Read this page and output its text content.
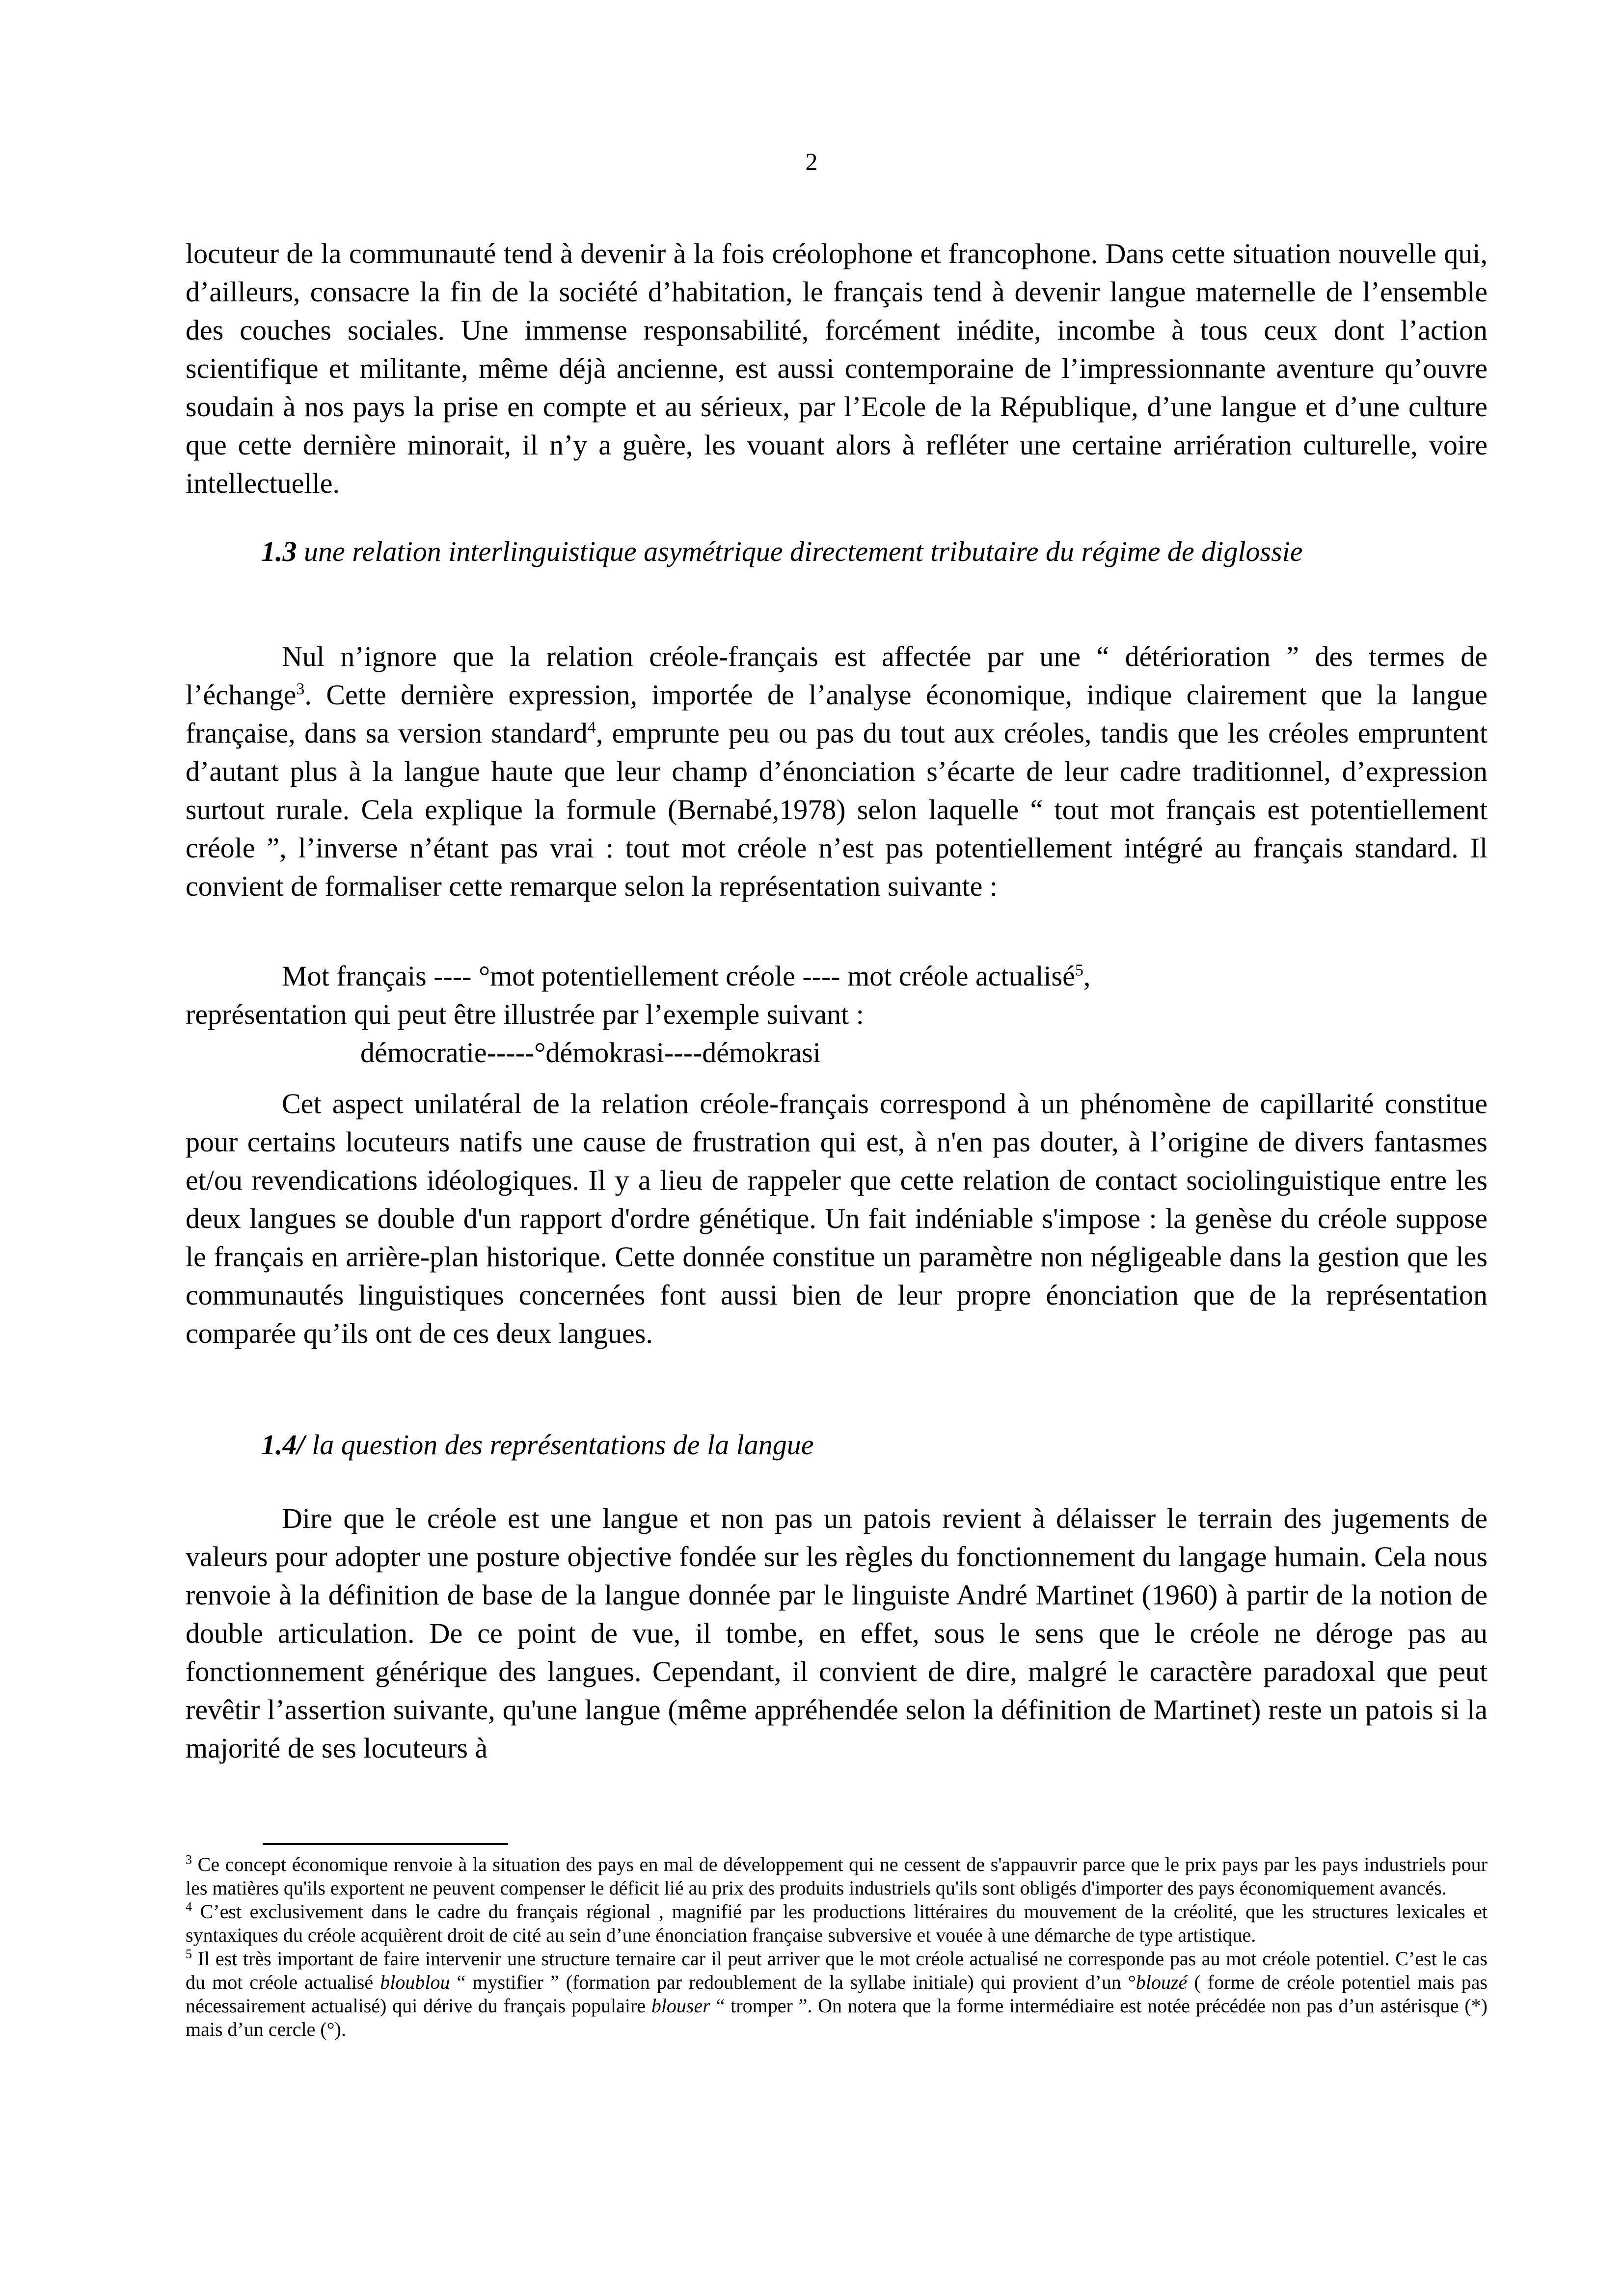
2

locuteur de la communauté tend à devenir à la fois créolophone et francophone. Dans cette situation nouvelle qui, d’ailleurs, consacre la fin de la société d’habitation, le français tend à devenir langue maternelle de l’ensemble des couches sociales. Une immense responsabilité, forcément inédite, incombe à tous ceux dont l’action scientifique et militante, même déjà ancienne, est aussi contemporaine de l’impressionnante aventure qu’ouvre soudain à nos pays la prise en compte et au sérieux, par l’Ecole de la République, d’une langue et d’une culture que cette dernière minorait, il n’y a guère, les vouant alors à refléter une certaine arriération culturelle, voire intellectuelle.

1.3 une relation interlinguistique asymétrique directement tributaire du régime de diglossie

Nul n’ignore que la relation créole-français est affectée par une “ détérioration ” des termes de l’échange$^3$. Cette dernière expression, importée de l’analyse économique, indique clairement que la langue française, dans sa version standard$^4$, emprunte peu ou pas du tout aux créoles, tandis que les créoles empruntent d’autant plus à la langue haute que leur champ d’énonciation s’écarte de leur cadre traditionnel, d’expression surtout rurale. Cela explique la formule (Bernabé,1978) selon laquelle “ tout mot français est potentiellement créole ”, l’inverse n’étant pas vrai : tout mot créole n’est pas potentiellement intégré au français standard. Il convient de formaliser cette remarque selon la représentation suivante :

Mot français ---- °mot potentiellement créole ---- mot créole actualisé$^5$,
représentation qui peut être illustrée par l’exemple suivant :
démocratie-----°démokrasi----démokrasi

Cet aspect unilatéral de la relation créole-français correspond à un phénomène de capillarité constitue pour certains locuteurs natifs une cause de frustration qui est, à n'en pas douter, à l’origine de divers fantasmes et/ou revendications idéologiques. Il y a lieu de rappeler que cette relation de contact sociolinguistique entre les deux langues se double d'un rapport d'ordre génétique. Un fait indéniable s'impose : la genèse du créole suppose le français en arrière-plan historique. Cette donnée constitue un paramètre non négligeable dans la gestion que les communautés linguistiques concernées font aussi bien de leur propre énonciation que de la représentation comparée qu’ils ont de ces deux langues.

1.4/ la question des représentations de la langue

Dire que le créole est une langue et non pas un patois revient à délaisser le terrain des jugements de valeurs pour adopter une posture objective fondée sur les règles du fonctionnement du langage humain. Cela nous renvoie à la définition de base de la langue donnée par le linguiste André Martinet (1960) à partir de la notion de double articulation. De ce point de vue, il tombe, en effet, sous le sens que le créole ne déroge pas au fonctionnement générique des langues. Cependant, il convient de dire, malgré le caractère paradoxal que peut revêtir l’assertion suivante, qu'une langue (même appréhendée selon la définition de Martinet) reste un patois si la majorité de ses locuteurs à

$^3$ Ce concept économique renvoie à la situation des pays en mal de développement qui ne cessent de s'appauvrir parce que le prix pays par les pays industriels pour les matières qu'ils exportent ne peuvent compenser le déficit lié au prix des produits industriels qu'ils sont obligés d'importer des pays économiquement avancés.

$^4$ C’est exclusivement dans le cadre du français régional , magnifié par les productions littéraires du mouvement de la créolité, que les structures lexicales et syntaxiques du créole acquièrent droit de cité au sein d’une énonciation française subversive et vouée à une démarche de type artistique.

$^5$ Il est très important de faire intervenir une structure ternaire car il peut arriver que le mot créole actualisé ne corresponde pas au mot créole potentiel. C’est le cas du mot créole actualisé bloublou “ mystifier ” (formation par redoublement de la syllabe initiale) qui provient d’un °blouzé ( forme de créole potentiel mais pas nécessairement actualisé) qui dérive du français populaire blouser “ tromper ”. On notera que la forme intermédiaire est notée précédée non pas d’un astérisque (*) mais d’un cercle (°).
